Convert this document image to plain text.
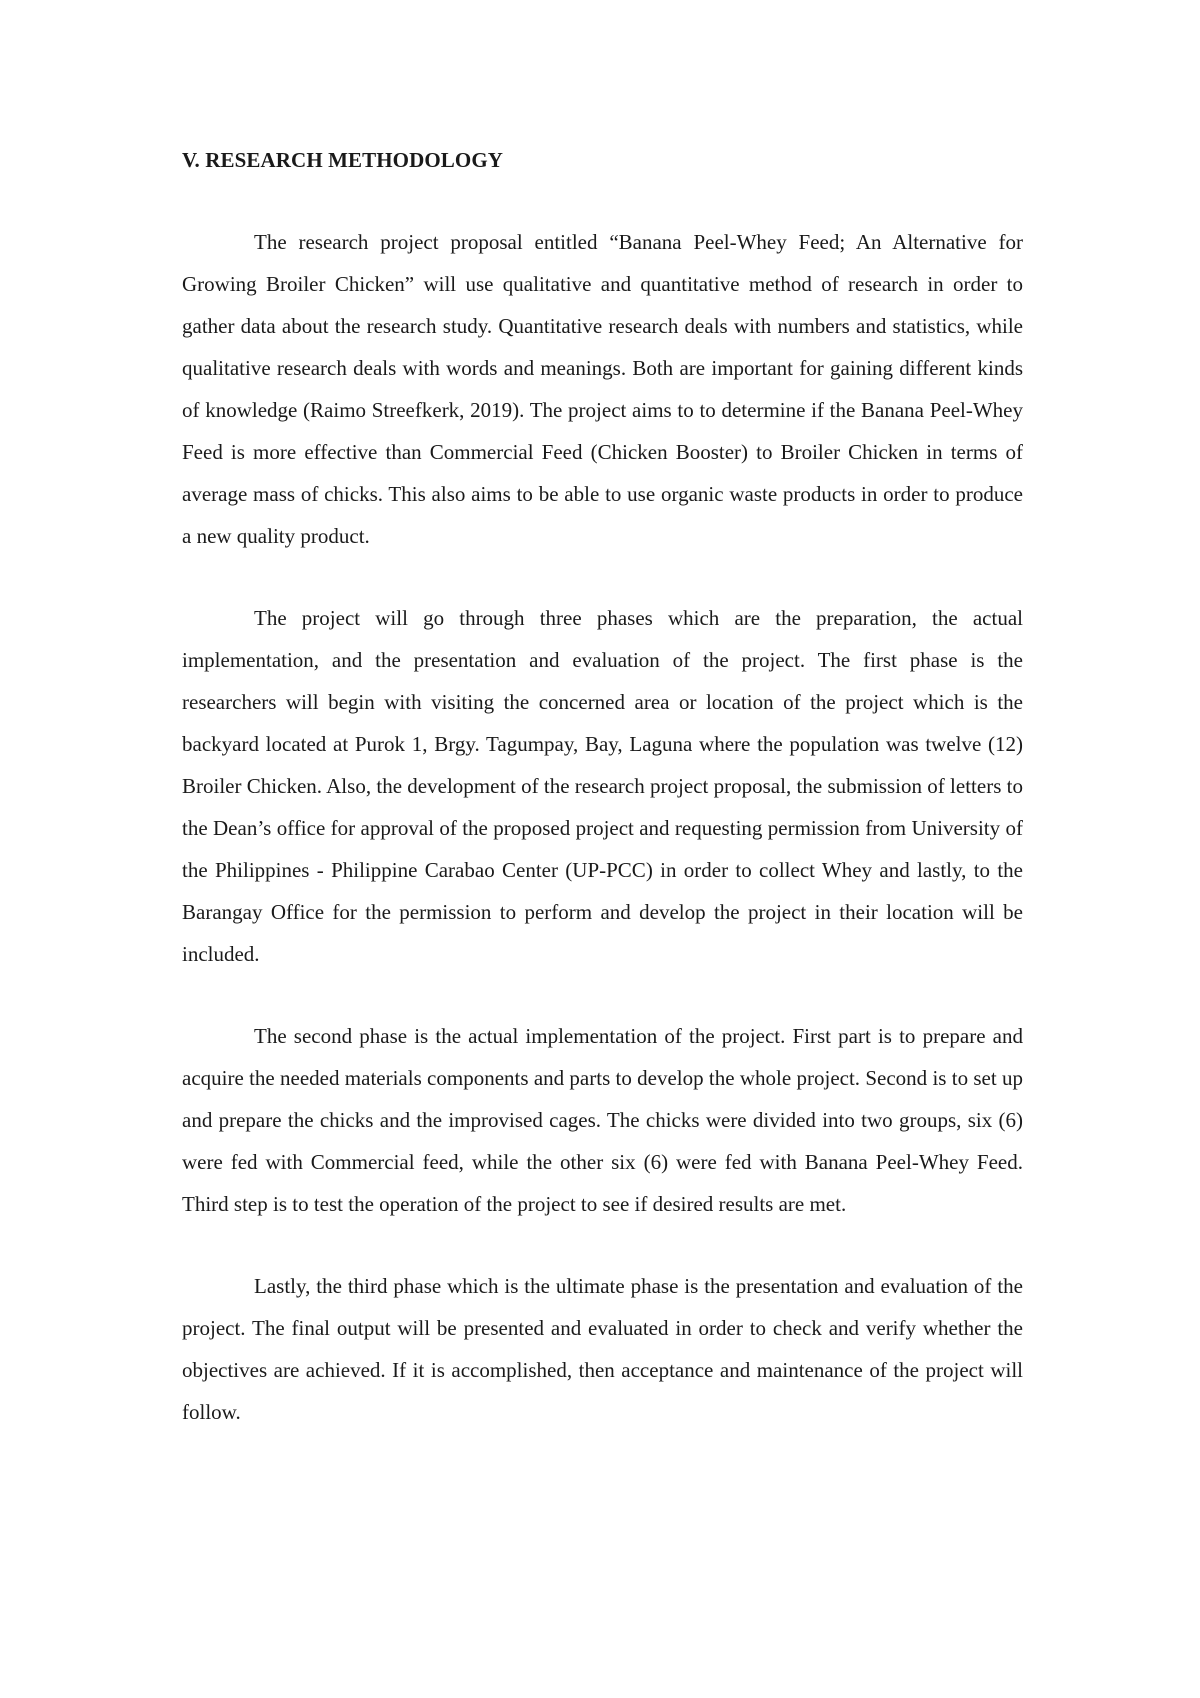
V. RESEARCH METHODOLOGY

The research project proposal entitled “Banana Peel-Whey Feed; An Alternative for Growing Broiler Chicken” will use qualitative and quantitative method of research in order to gather data about the research study. Quantitative research deals with numbers and statistics, while qualitative research deals with words and meanings. Both are important for gaining different kinds of knowledge (Raimo Streefkerk, 2019). The project aims to to determine if the Banana Peel-Whey Feed is more effective than Commercial Feed (Chicken Booster) to Broiler Chicken in terms of average mass of chicks. This also aims to be able to use organic waste products in order to produce a new quality product.

The project will go through three phases which are the preparation, the actual implementation, and the presentation and evaluation of the project. The first phase is the researchers will begin with visiting the concerned area or location of the project which is the backyard located at Purok 1, Brgy. Tagumpay, Bay, Laguna where the population was twelve (12) Broiler Chicken. Also, the development of the research project proposal, the submission of letters to the Dean’s office for approval of the proposed project and requesting permission from University of the Philippines - Philippine Carabao Center (UP-PCC) in order to collect Whey and lastly, to the Barangay Office for the permission to perform and develop the project in their location will be included.

The second phase is the actual implementation of the project. First part is to prepare and acquire the needed materials components and parts to develop the whole project. Second is to set up and prepare the chicks and the improvised cages. The chicks were divided into two groups, six (6) were fed with Commercial feed, while the other six (6) were fed with Banana Peel-Whey Feed. Third step is to test the operation of the project to see if desired results are met.

Lastly, the third phase which is the ultimate phase is the presentation and evaluation of the project. The final output will be presented and evaluated in order to check and verify whether the objectives are achieved. If it is accomplished, then acceptance and maintenance of the project will follow.
